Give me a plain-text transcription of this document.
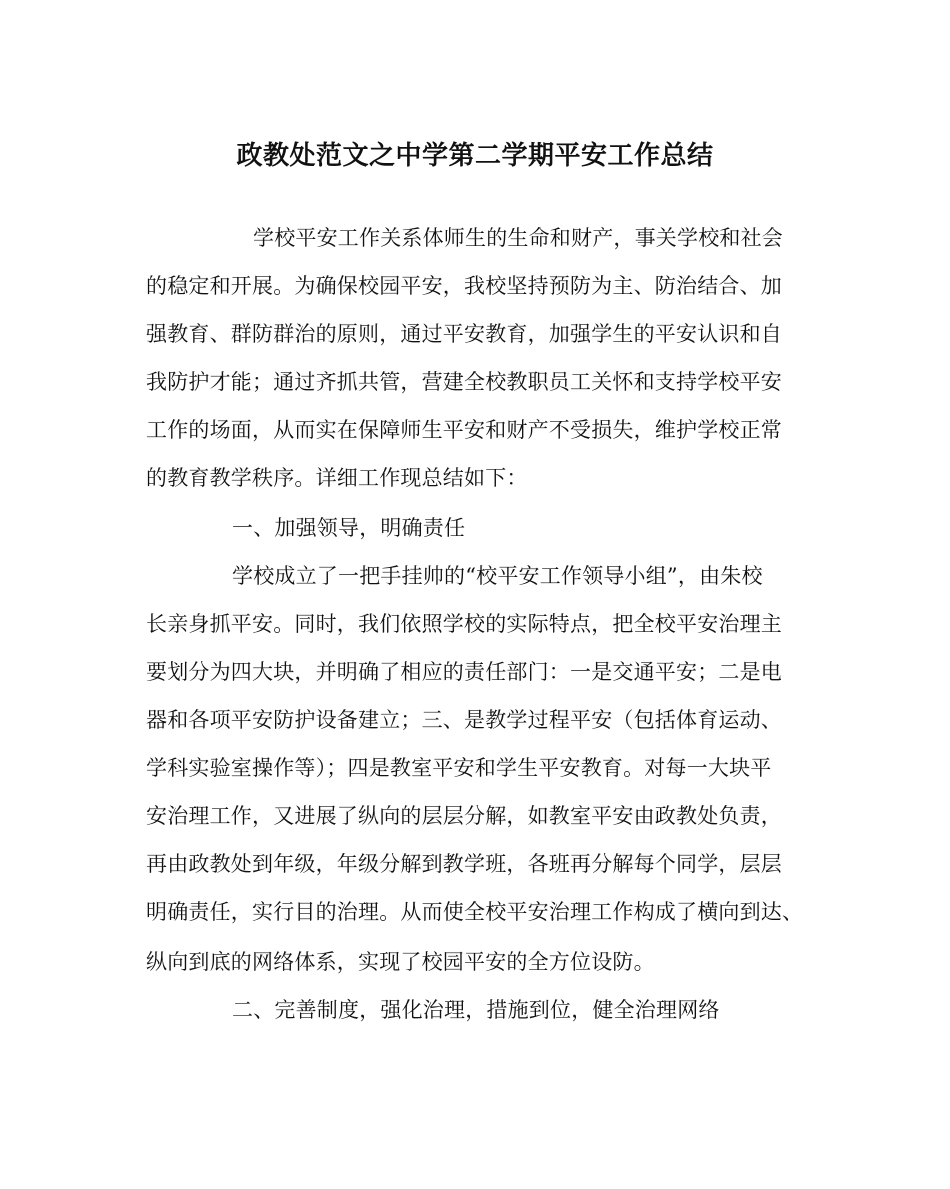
政教处范文之中学第二学期平安工作总结
学校平安工作关系体师生的生命和财产，事关学校和社会
的稳定和开展。为确保校园平安，我校坚持预防为主、防治结合、加
强教育、群防群治的原则，通过平安教育，加强学生的平安认识和自
我防护才能；通过齐抓共管，营建全校教职员工关怀和支持学校平安
工作的场面，从而实在保障师生平安和财产不受损失，维护学校正常
的教育教学秩序。详细工作现总结如下：
一、加强领导，明确责任
学校成立了一把手挂帅的“校平安工作领导小组”，由朱校
长亲身抓平安。同时，我们依照学校的实际特点，把全校平安治理主
要划分为四大块，并明确了相应的责任部门：一是交通平安；二是电
器和各项平安防护设备建立；三、是教学过程平安（包括体育运动、
学科实验室操作等）；四是教室平安和学生平安教育。对每一大块平
安治理工作，又进展了纵向的层层分解，如教室平安由政教处负责，
再由政教处到年级，年级分解到教学班，各班再分解每个同学，层层
明确责任，实行目的治理。从而使全校平安治理工作构成了横向到达、
纵向到底的网络体系，实现了校园平安的全方位设防。
二、完善制度，强化治理，措施到位，健全治理网络
